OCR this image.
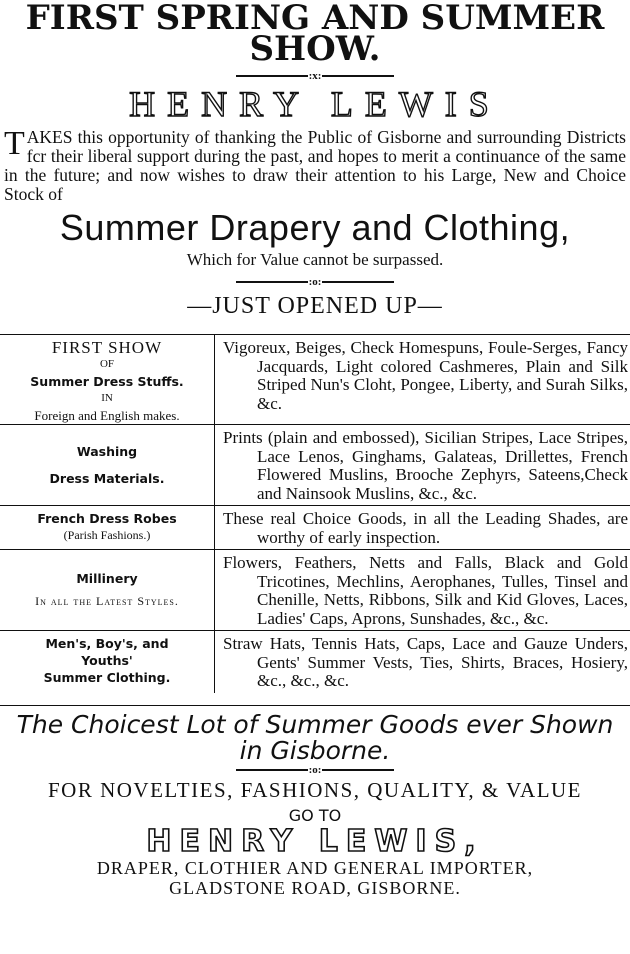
FIRST SPRING AND SUMMER
SHOW.
:x:
HENRY LEWIS
TAKES this opportunity of thanking the Public of Gisborne and surrounding Districts fcr their liberal support during the past, and hopes to merit a continuance of the same in the future; and now wishes to draw their attention to his Large, New and Choice Stock of
Summer Drapery and Clothing,
Which for Value cannot be surpassed.
:o:
—JUST OPENED UP—
FIRST SHOW
OF
Summer Dress Stuffs.
IN
Foreign and English makes.	Vigoreux, Beiges, Check Homespuns, Foule-Serges, Fancy Jacquards, Light colored Cashmeres, Plain and Silk Striped Nun's Cloht, Pongee, Liberty, and Surah Silks, &c.

Washing
Dress Materials.	Prints (plain and embossed), Sicilian Stripes, Lace Stripes, Lace Lenos, Ginghams, Galateas, Drillettes, French Flowered Muslins, Brooche Zephyrs, Sateens,Check and Nainsook Muslins, &c., &c.

French Dress Robes
(Parish Fashions.)	These real Choice Goods, in all the Leading Shades, are worthy of early inspection.

Millinery
In all the Latest Styles.	Flowers, Feathers, Netts and Falls, Black and Gold Tricotines, Mechlins, Aerophanes, Tulles, Tinsel and Chenille, Netts, Ribbons, Silk and Kid Gloves, Laces, Ladies' Caps, Aprons, Sunshades, &c., &c.

Men's, Boy's, and
Youths'
Summer Clothing.	Straw Hats, Tennis Hats, Caps, Lace and Gauze Unders, Gents' Summer Vests, Ties, Shirts, Braces, Hosiery, &c., &c., &c.
The Choicest Lot of Summer Goods ever Shown
in Gisborne.
:o:
FOR NOVELTIES, FASHIONS, QUALITY, & VALUE
GO TO
HENRY LEWIS,
DRAPER, CLOTHIER AND GENERAL IMPORTER,
GLADSTONE ROAD, GISBORNE.
